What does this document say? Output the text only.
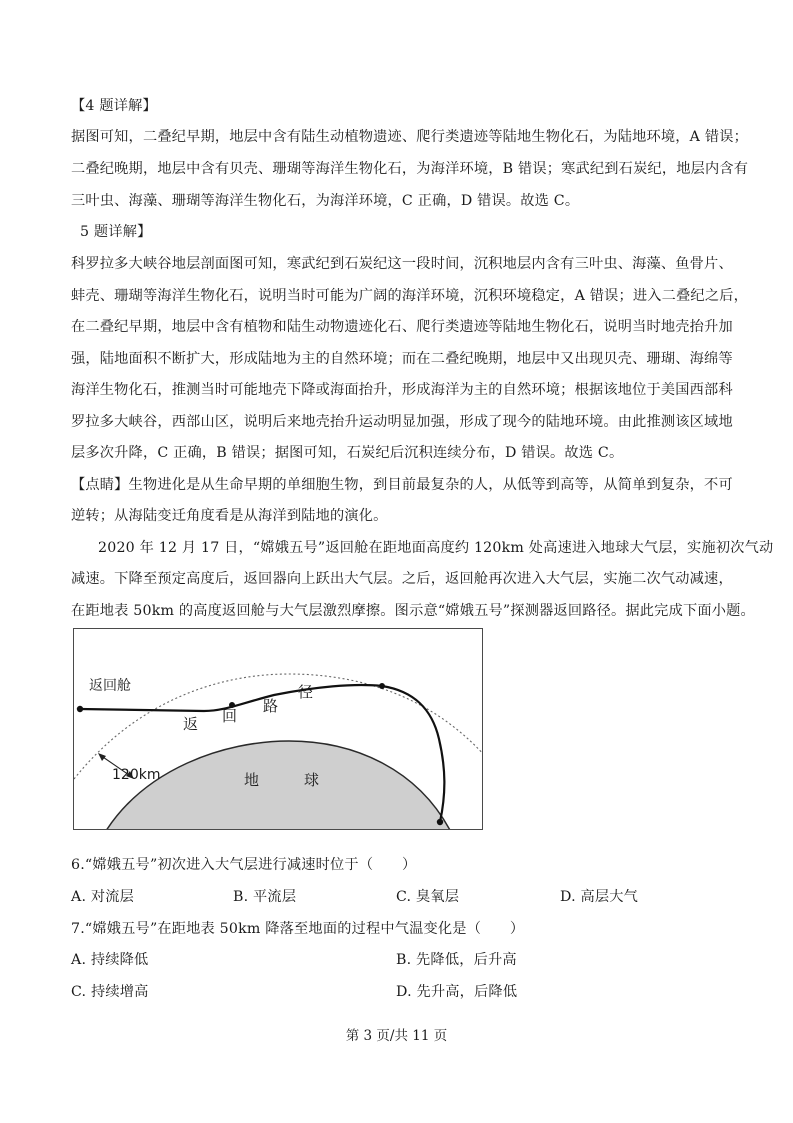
【4 题详解】
据图可知，二叠纪早期，地层中含有陆生动植物遗迹、爬行类遗迹等陆地生物化石，为陆地环境，A 错误；
二叠纪晚期，地层中含有贝壳、珊瑚等海洋生物化石，为海洋环境，B 错误；寒武纪到石炭纪，地层内含有
三叶虫、海藻、珊瑚等海洋生物化石，为海洋环境，C 正确，D 错误。故选 C。
5 题详解】
科罗拉多大峡谷地层剖面图可知，寒武纪到石炭纪这一段时间，沉积地层内含有三叶虫、海藻、鱼骨片、
蚌壳、珊瑚等海洋生物化石，说明当时可能为广阔的海洋环境，沉积环境稳定，A 错误；进入二叠纪之后，
在二叠纪早期，地层中含有植物和陆生动物遗迹化石、爬行类遗迹等陆地生物化石，说明当时地壳抬升加
强，陆地面积不断扩大，形成陆地为主的自然环境；而在二叠纪晚期，地层中又出现贝壳、珊瑚、海绵等
海洋生物化石，推测当时可能地壳下降或海面抬升，形成海洋为主的自然环境；根据该地位于美国西部科
罗拉多大峡谷，西部山区，说明后来地壳抬升运动明显加强，形成了现今的陆地环境。由此推测该区域地
层多次升降，C 正确，B 错误；据图可知，石炭纪后沉积连续分布，D 错误。故选 C。
【点睛】生物进化是从生命早期的单细胞生物，到目前最复杂的人，从低等到高等，从简单到复杂，不可
逆转；从海陆变迁角度看是从海洋到陆地的演化。
2020 年 12 月 17 日，“嫦娥五号”返回舱在距地面高度约 120km 处高速进入地球大气层，实施初次气动
减速。下降至预定高度后，返回器向上跃出大气层。之后，返回舱再次进入大气层，实施二次气动减速，
在距地表 50km 的高度返回舱与大气层激烈摩擦。图示意“嫦娥五号”探测器返回路径。据此完成下面小题。
返回舱
返 回
路
径
120km	地	球
6.“嫦娥五号”初次进入大气层进行减速时位于（　　）
A. 对流层	B. 平流层	C. 臭氧层	D. 高层大气
7.“嫦娥五号”在距地表 50km 降落至地面的过程中气温变化是（　　）
A. 持续降低	B. 先降低，后升高
C. 持续增高	D. 先升高，后降低
第 3 页/共 11 页
